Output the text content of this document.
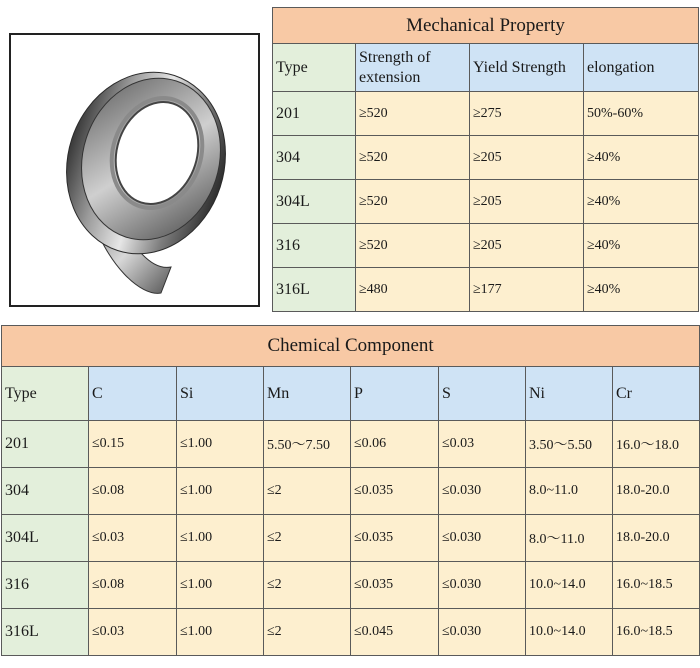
Mechanical Property			
Type	Strength of extension	Yield Strength	elongation
201	≥520	≥275	50%-60%
304	≥520	≥205	≥40%
304L	≥520	≥205	≥40%
316	≥520	≥205	≥40%
316L	≥480	≥177	≥40%
Chemical Component							
Type	C	Si	Mn	P	S	Ni	Cr
201	≤0.15	≤1.00	5.50～7.50	≤0.06	≤0.03	3.50～5.50	16.0～18.0
304	≤0.08	≤1.00	≤2	≤0.035	≤0.030	8.0~11.0	18.0-20.0
304L	≤0.03	≤1.00	≤2	≤0.035	≤0.030	8.0～11.0	18.0-20.0
316	≤0.08	≤1.00	≤2	≤0.035	≤0.030	10.0~14.0	16.0~18.5
316L	≤0.03	≤1.00	≤2	≤0.045	≤0.030	10.0~14.0	16.0~18.5
